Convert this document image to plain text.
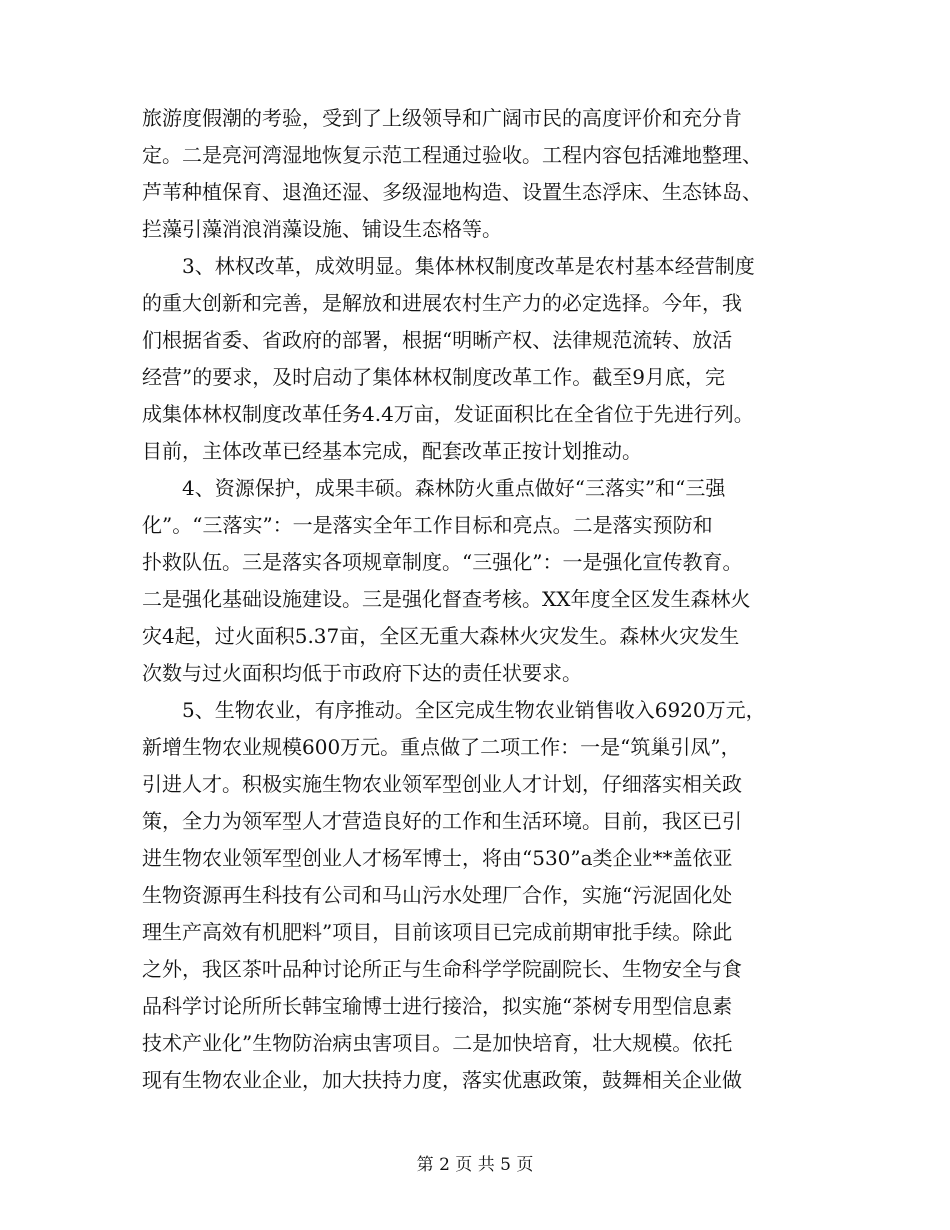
旅游度假潮的考验，受到了上级领导和广阔市民的高度评价和充分肯
定。二是亮河湾湿地恢复示范工程通过验收。工程内容包括滩地整理、
芦苇种植保育、退渔还湿、多级湿地构造、设置生态浮床、生态钵岛、
拦藻引藻消浪消藻设施、铺设生态格等。
3、林权改革，成效明显。集体林权制度改革是农村基本经营制度
的重大创新和完善，是解放和进展农村生产力的必定选择。今年，我
们根据省委、省政府的部署，根据“明晰产权、法律规范流转、放活
经营”的要求，及时启动了集体林权制度改革工作。截至9月底，完
成集体林权制度改革任务4.4万亩，发证面积比在全省位于先进行列。
目前，主体改革已经基本完成，配套改革正按计划推动。
4、资源保护，成果丰硕。森林防火重点做好“三落实”和“三强
化”。“三落实”：一是落实全年工作目标和亮点。二是落实预防和
扑救队伍。三是落实各项规章制度。“三强化”：一是强化宣传教育。
二是强化基础设施建设。三是强化督查考核。XX年度全区发生森林火
灾4起，过火面积5.37亩，全区无重大森林火灾发生。森林火灾发生
次数与过火面积均低于市政府下达的责任状要求。
5、生物农业，有序推动。全区完成生物农业销售收入6920万元，
新增生物农业规模600万元。重点做了二项工作：一是“筑巢引凤”，
引进人才。积极实施生物农业领军型创业人才计划，仔细落实相关政
策，全力为领军型人才营造良好的工作和生活环境。目前，我区已引
进生物农业领军型创业人才杨军博士，将由“530”a类企业**盖依亚
生物资源再生科技有公司和马山污水处理厂合作，实施“污泥固化处
理生产高效有机肥料”项目，目前该项目已完成前期审批手续。除此
之外，我区茶叶品种讨论所正与生命科学学院副院长、生物安全与食
品科学讨论所所长韩宝瑜博士进行接洽，拟实施“茶树专用型信息素
技术产业化”生物防治病虫害项目。二是加快培育，壮大规模。依托
现有生物农业企业，加大扶持力度，落实优惠政策，鼓舞相关企业做
第 2 页 共 5 页
